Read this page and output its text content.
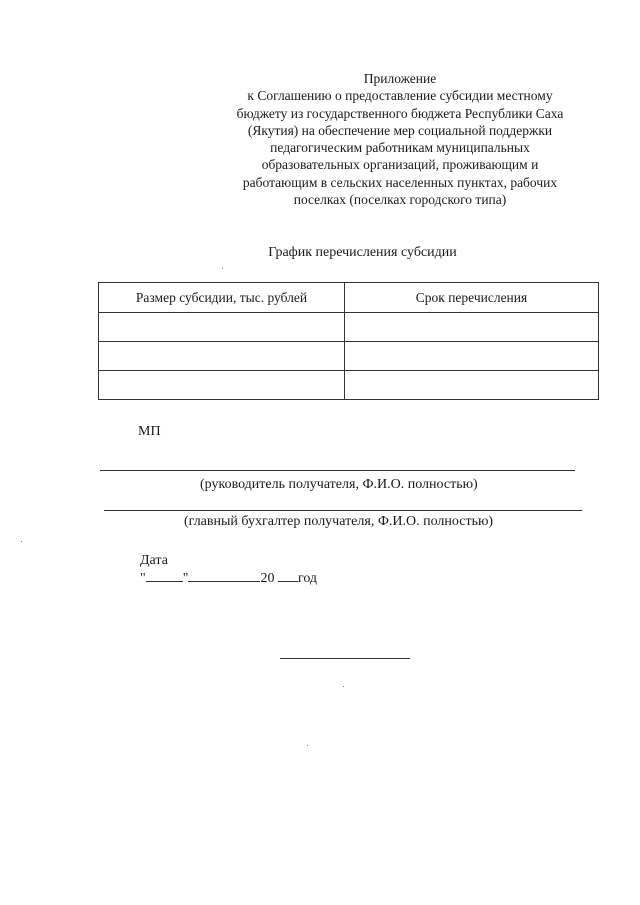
Приложение
к Соглашению о предоставление субсидии местному
бюджету из государственного бюджета Республики Саха
(Якутия) на обеспечение мер социальной поддержки
педагогическим работникам муниципальных
образовательных организаций, проживающим и
работающим в сельских населенных пунктах, рабочих
поселках (поселках городского типа)
График перечисления субсидии
Размер субсидии, тыс. рублей	Срок перечисления

МП
(руководитель получателя, Ф.И.О. полностью)
(главный бухгалтер получателя, Ф.И.О. полностью)
Дата
"	"	20 год
